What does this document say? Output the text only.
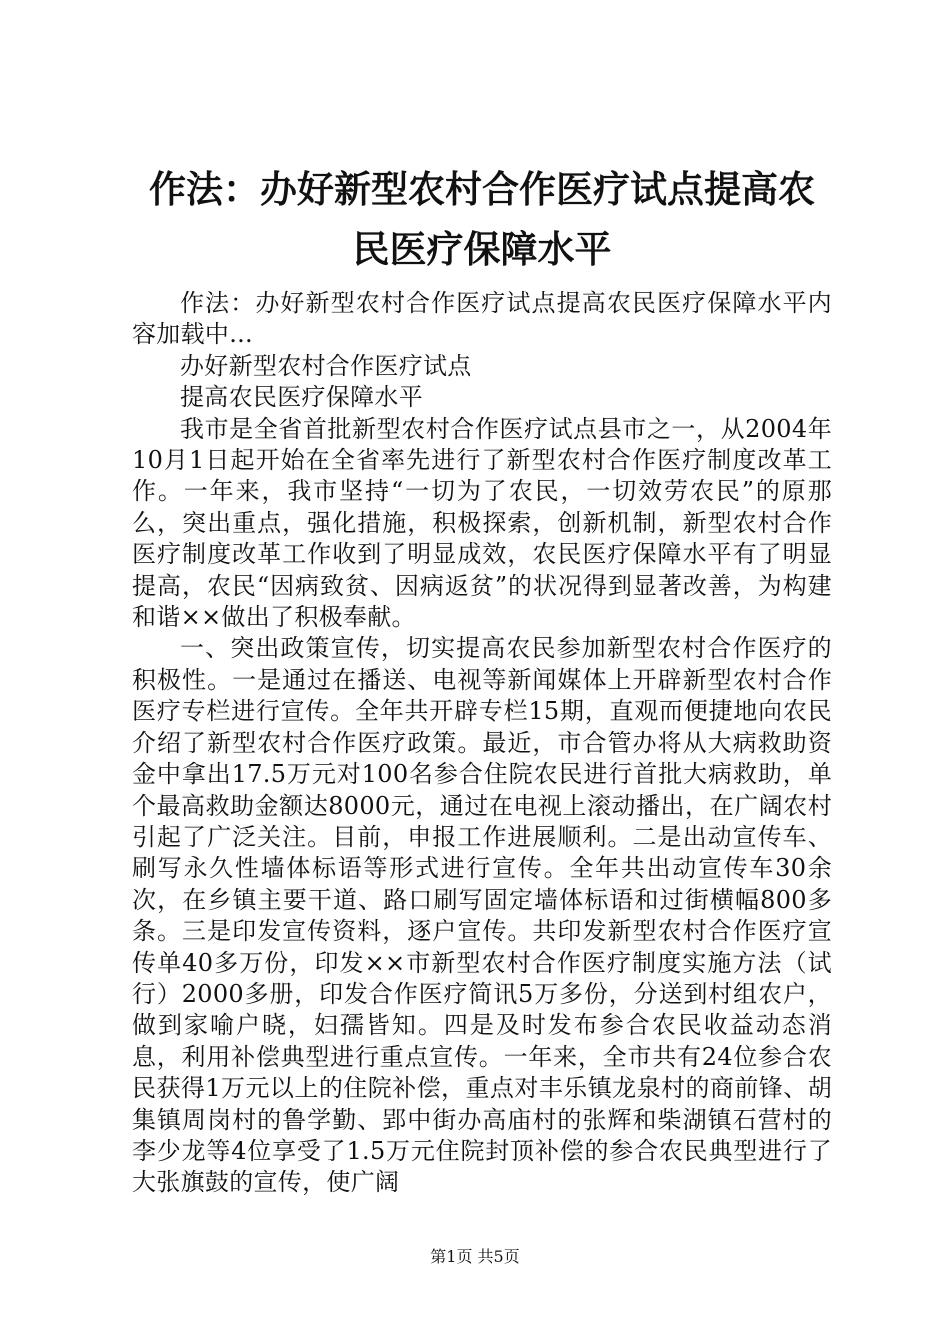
作法：办好新型农村合作医疗试点提高农民医疗保障水平

作法：办好新型农村合作医疗试点提高农民医疗保障水平内容加载中...

办好新型农村合作医疗试点

提高农民医疗保障水平

我市是全省首批新型农村合作医疗试点县市之一，从2004年10月1日起开始在全省率先进行了新型农村合作医疗制度改革工作。一年来，我市坚持“一切为了农民，一切效劳农民”的原那么，突出重点，强化措施，积极探索，创新机制，新型农村合作医疗制度改革工作收到了明显成效，农民医疗保障水平有了明显提高，农民“因病致贫、因病返贫”的状况得到显著改善，为构建和谐××做出了积极奉献。

一、突出政策宣传，切实提高农民参加新型农村合作医疗的积极性。一是通过在播送、电视等新闻媒体上开辟新型农村合作医疗专栏进行宣传。全年共开辟专栏15期，直观而便捷地向农民介绍了新型农村合作医疗政策。最近，市合管办将从大病救助资金中拿出17.5万元对100名参合住院农民进行首批大病救助，单个最高救助金额达8000元，通过在电视上滚动播出，在广阔农村引起了广泛关注。目前，申报工作进展顺利。二是出动宣传车、刷写永久性墙体标语等形式进行宣传。全年共出动宣传车30余次，在乡镇主要干道、路口刷写固定墙体标语和过街横幅800多条。三是印发宣传资料，逐户宣传。共印发新型农村合作医疗宣传单40多万份，印发××市新型农村合作医疗制度实施方法（试行）2000多册，印发合作医疗简讯5万多份，分送到村组农户，做到家喻户晓，妇孺皆知。四是及时发布参合农民收益动态消息，利用补偿典型进行重点宣传。一年来，全市共有24位参合农民获得1万元以上的住院补偿，重点对丰乐镇龙泉村的商前锋、胡集镇周岗村的鲁学勤、郢中街办高庙村的张辉和柴湖镇石营村的李少龙等4位享受了1.5万元住院封顶补偿的参合农民典型进行了大张旗鼓的宣传，使广阔

第1页 共5页
